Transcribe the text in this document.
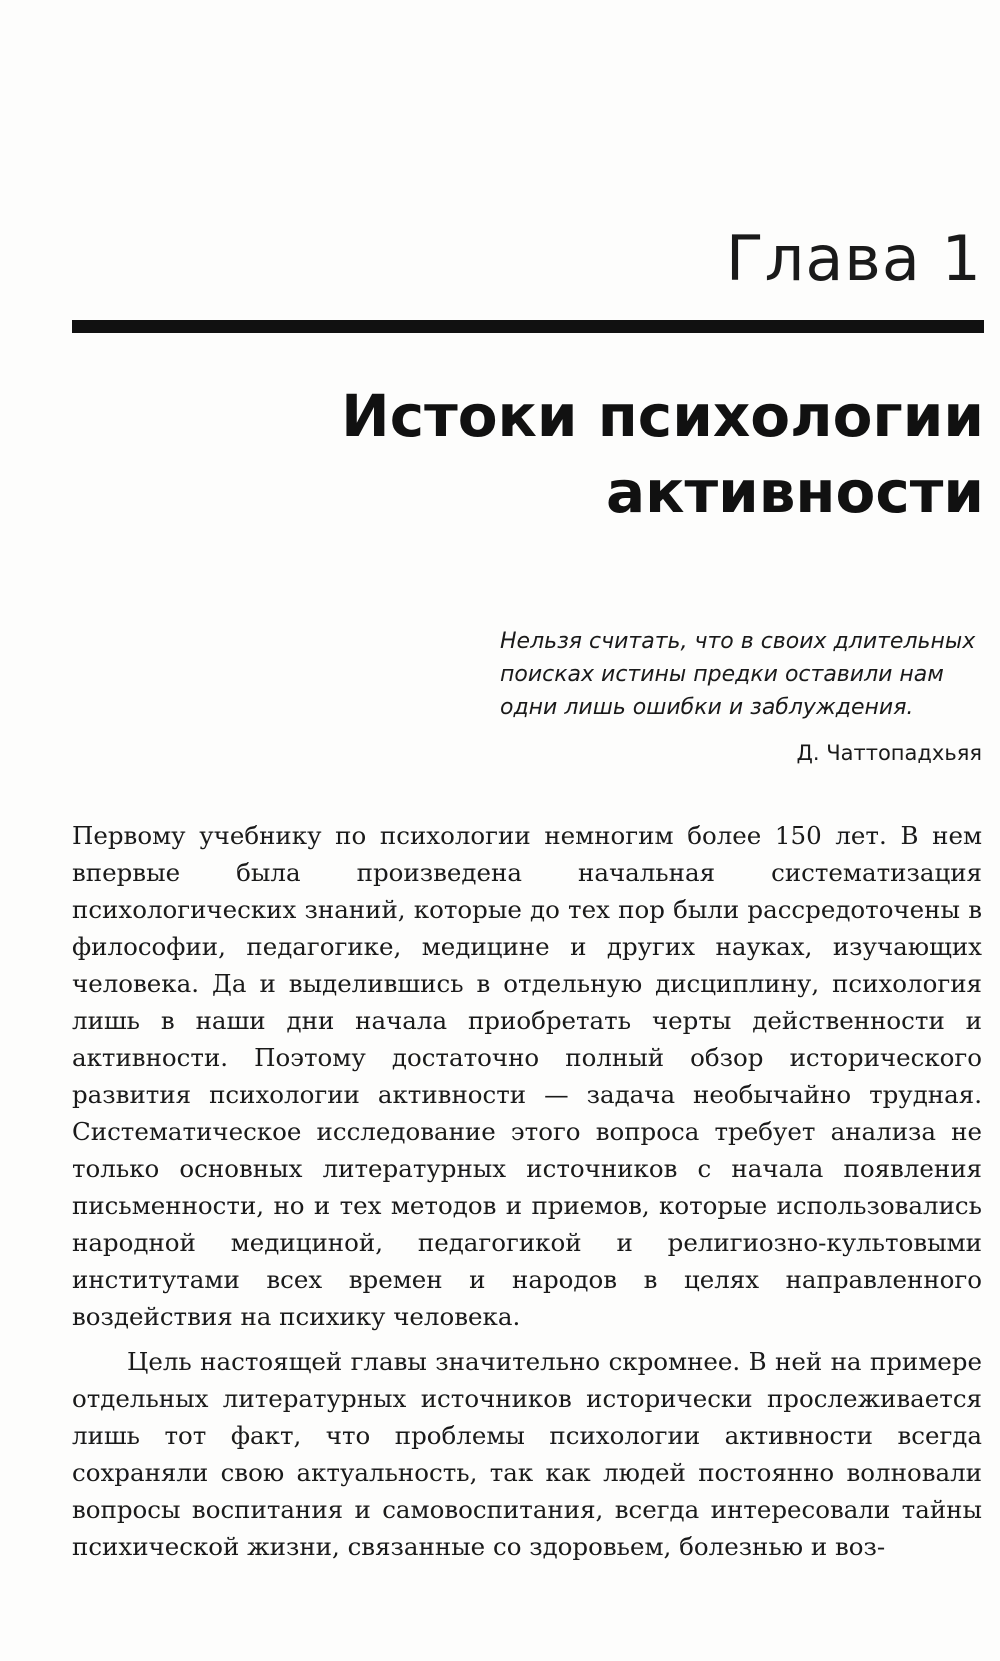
Глава 1
Истоки психологии активности

Нельзя считать, что в своих длительных поисках истины предки оставили нам одни лишь ошибки и заблуждения.

Д. Чаттопадхьяя

Первому учебнику по психологии немногим более 150 лет. В нем впервые была произведена начальная систематизация психологических знаний, которые до тех пор были рассредоточены в философии, педагогике, медицине и других науках, изучающих человека. Да и выделившись в отдельную дисциплину, психология лишь в наши дни начала приобретать черты действенности и активности. Поэтому достаточно полный обзор исторического развития психологии активности — задача необычайно трудная. Систематическое исследование этого вопроса требует анализа не только основных литературных источников с начала появления письменности, но и тех методов и приемов, которые использовались народной медициной, педагогикой и религиозно-культовыми институтами всех времен и народов в целях направленного воздействия на психику человека.

Цель настоящей главы значительно скромнее. В ней на примере отдельных литературных источников исторически прослеживается лишь тот факт, что проблемы психологии активности всегда сохраняли свою актуальность, так как людей постоянно волновали вопросы воспитания и самовоспитания, всегда интересовали тайны психической жизни, связанные со здоровьем, болезнью и воз-
